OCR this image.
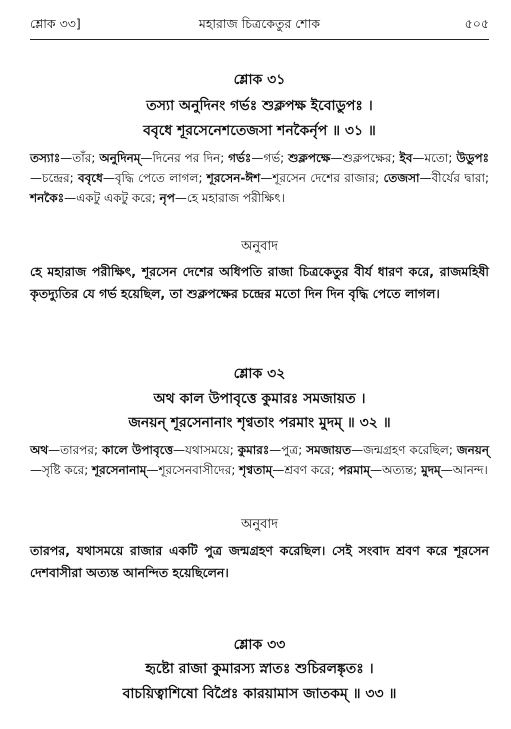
শ্লোক ৩৩]	মহারাজ চিত্রকেতুর শোক	৫০৫
শ্লোক ৩১
তস্যা অনুদিনং গর্ভঃ শুক্লপক্ষ ইবোডুপঃ ।
ববৃধে শূরসেনেশতেজসা শনকৈর্নৃপ ॥ ৩১ ॥
তস্যাঃ—তাঁর; অনুদিনম্—দিনের পর দিন; গর্ভঃ—গর্ভ; শুক্লপক্ষে—শুক্লপক্ষের; ইব—মতো; উডুপঃ—চন্দ্রের; ববৃধে—বৃদ্ধি পেতে লাগল; শূরসেন-ঈশ—শূরসেন দেশের রাজার; তেজসা—বীর্যের দ্বারা; শনকৈঃ—একটু একটু করে; নৃপ—হে মহারাজ পরীক্ষিৎ।
অনুবাদ
হে মহারাজ পরীক্ষিৎ, শূরসেন দেশের অধিপতি রাজা চিত্রকেতুর বীর্য ধারণ করে, রাজমহিষী কৃতদ্যুতির যে গর্ভ হয়েছিল, তা শুক্লপক্ষের চন্দ্রের মতো দিন দিন বৃদ্ধি পেতে লাগল।
শ্লোক ৩২
অথ কাল উপাবৃত্তে কুমারঃ সমজায়ত ।
জনয়ন্ শূরসেনানাং শৃণ্বতাং পরমাং মুদম্ ॥ ৩২ ॥
অথ—তারপর; কালে উপাবৃত্তে—যথাসময়ে; কুমারঃ—পুত্র; সমজায়ত—জন্মগ্রহণ করেছিল; জনয়ন্—সৃষ্টি করে; শূরসেনানাম্—শূরসেনবাসীদের; শৃণ্বতাম্—শ্রবণ করে; পরমাম্—অত্যন্ত; মুদম্—আনন্দ।
অনুবাদ
তারপর, যথাসময়ে রাজার একটি পুত্র জন্মগ্রহণ করেছিল। সেই সংবাদ শ্রবণ করে শূরসেন দেশবাসীরা অত্যন্ত আনন্দিত হয়েছিলেন।
শ্লোক ৩৩
হৃষ্টো রাজা কুমারস্য স্নাতঃ শুচিরলঙ্কৃতঃ ।
বাচয়িত্বাশিষো বিপ্রৈঃ কারয়ামাস জাতকম্ ॥ ৩৩ ॥
